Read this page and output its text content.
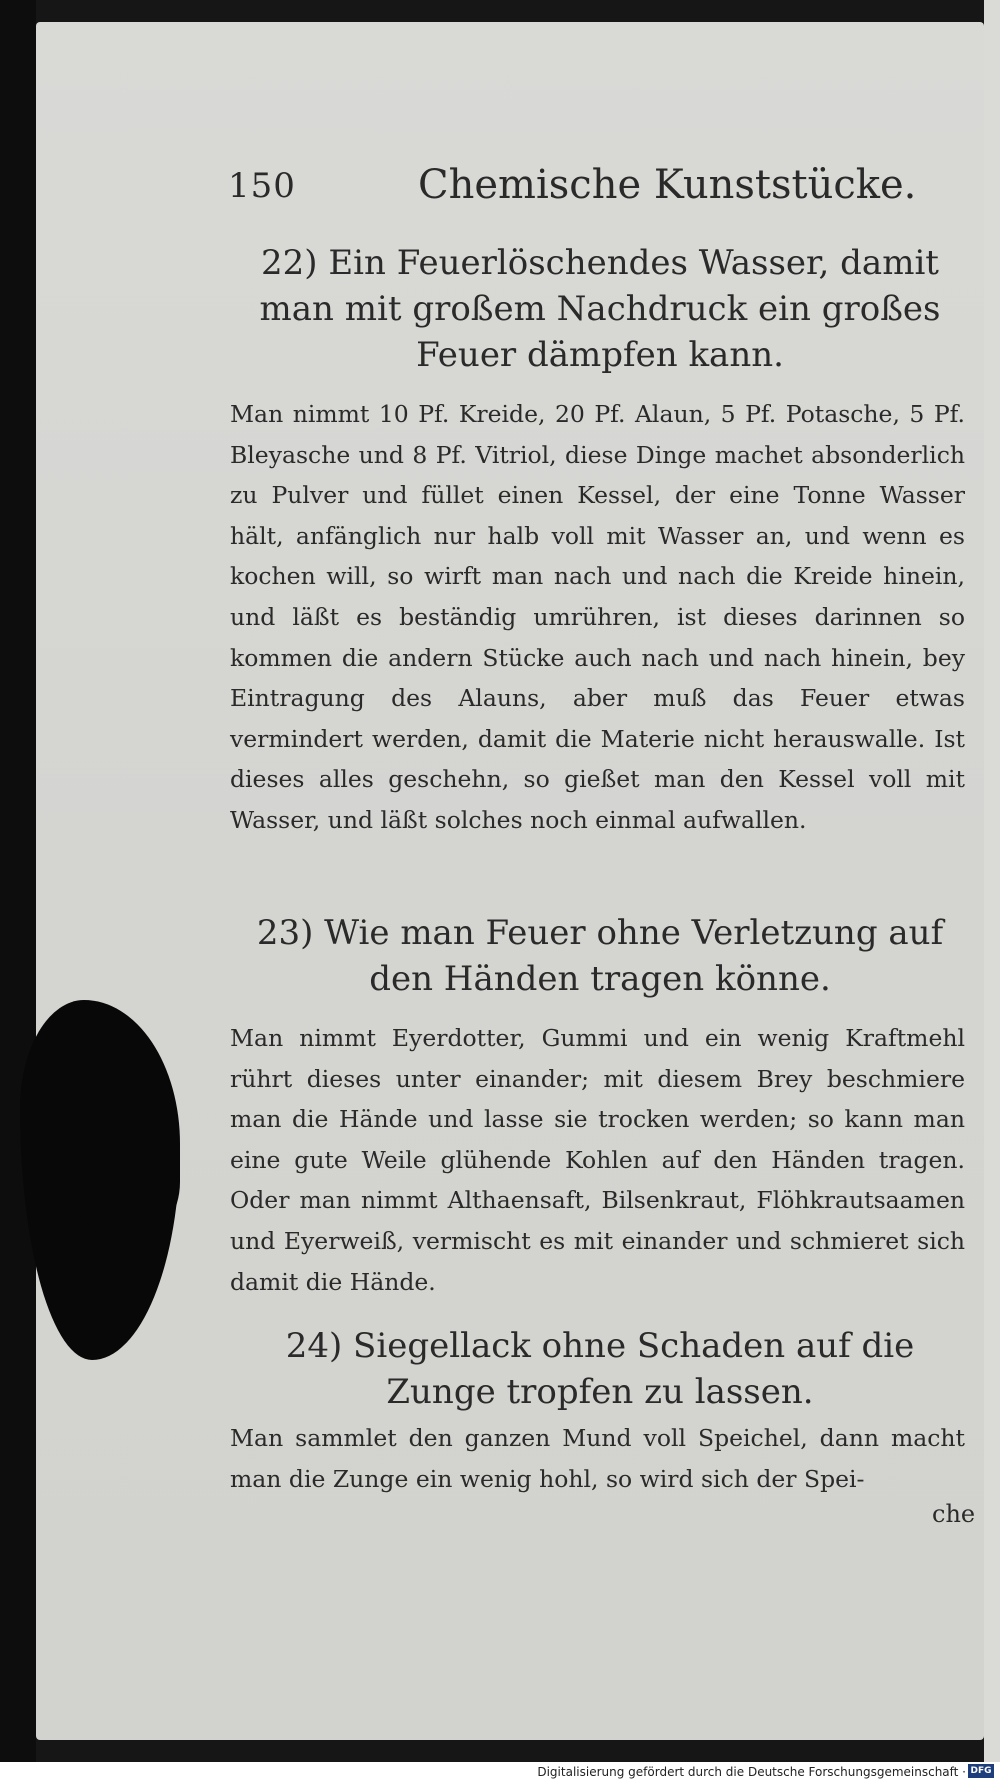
150	Chemische Kunststücke.
22) Ein Feuerlöschendes Wasser, damit man mit großem Nachdruck ein großes Feuer dämpfen kann.
Man nimmt 10 Pf. Kreide, 20 Pf. Alaun, 5 Pf. Potasche, 5 Pf. Bleyasche und 8 Pf. Vitriol, diese Dinge machet absonderlich zu Pulver und füllet einen Kessel, der eine Tonne Wasser hält, anfänglich nur halb voll mit Wasser an, und wenn es kochen will, so wirft man nach und nach die Kreide hinein, und läßt es beständig umrühren, ist dieses darinnen so kommen die andern Stücke auch nach und nach hinein, bey Eintragung des Alauns, aber muß das Feuer etwas vermindert werden, damit die Materie nicht herauswalle. Ist dieses alles geschehn, so gießet man den Kessel voll mit Wasser, und läßt solches noch einmal aufwallen.
23) Wie man Feuer ohne Verletzung auf den Händen tragen könne.
Man nimmt Eyerdotter, Gummi und ein wenig Kraftmehl rührt dieses unter einander; mit diesem Brey beschmiere man die Hände und lasse sie trocken werden; so kann man eine gute Weile glühende Kohlen auf den Händen tragen. Oder man nimmt Althaensaft, Bilsenkraut, Flöhkrautsaamen und Eyerweiß, vermischt es mit einander und schmieret sich damit die Hände.
24) Siegellack ohne Schaden auf die Zunge tropfen zu lassen.
Man sammlet den ganzen Mund voll Speichel, dann macht man die Zunge ein wenig hohl, so wird sich der Spei-
che
Digitalisierung gefördert durch die Deutsche Forschungsgemeinschaft · DFG
